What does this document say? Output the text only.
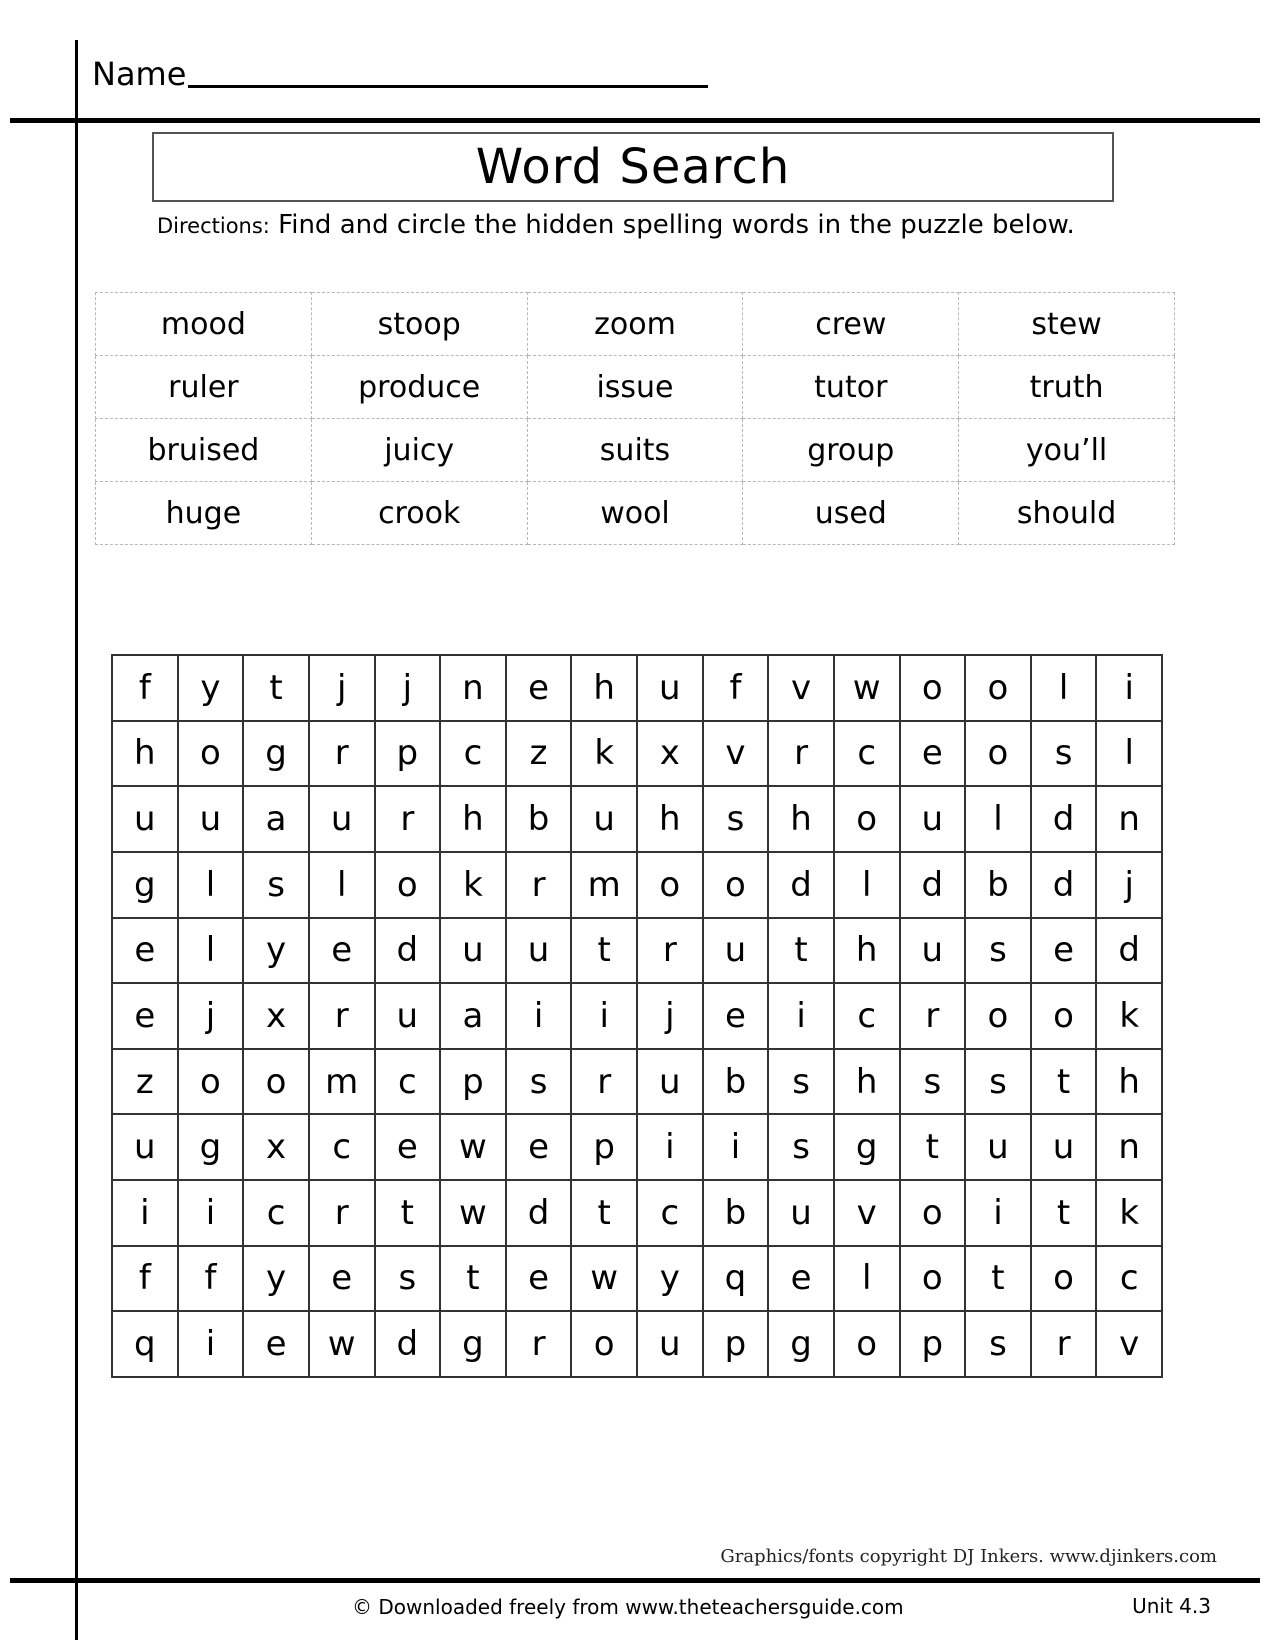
Name
Word Search
Directions: Find and circle the hidden spelling words in the puzzle below.
mood	stoop	zoom	crew	stew
ruler	produce	issue	tutor	truth
bruised	juicy	suits	group	you’ll
huge	crook	wool	used	should
f	y	t	j	j	n	e	h	u	f	v	w	o	o	l	i
h	o	g	r	p	c	z	k	x	v	r	c	e	o	s	l
u	u	a	u	r	h	b	u	h	s	h	o	u	l	d	n
g	l	s	l	o	k	r	m	o	o	d	l	d	b	d	j
e	l	y	e	d	u	u	t	r	u	t	h	u	s	e	d
e	j	x	r	u	a	i	i	j	e	i	c	r	o	o	k
z	o	o	m	c	p	s	r	u	b	s	h	s	s	t	h
u	g	x	c	e	w	e	p	i	i	s	g	t	u	u	n
i	i	c	r	t	w	d	t	c	b	u	v	o	i	t	k
f	f	y	e	s	t	e	w	y	q	e	l	o	t	o	c
q	i	e	w	d	g	r	o	u	p	g	o	p	s	r	v
Graphics/fonts copyright DJ Inkers. www.djinkers.com
© Downloaded freely from www.theteachersguide.com	Unit 4.3
